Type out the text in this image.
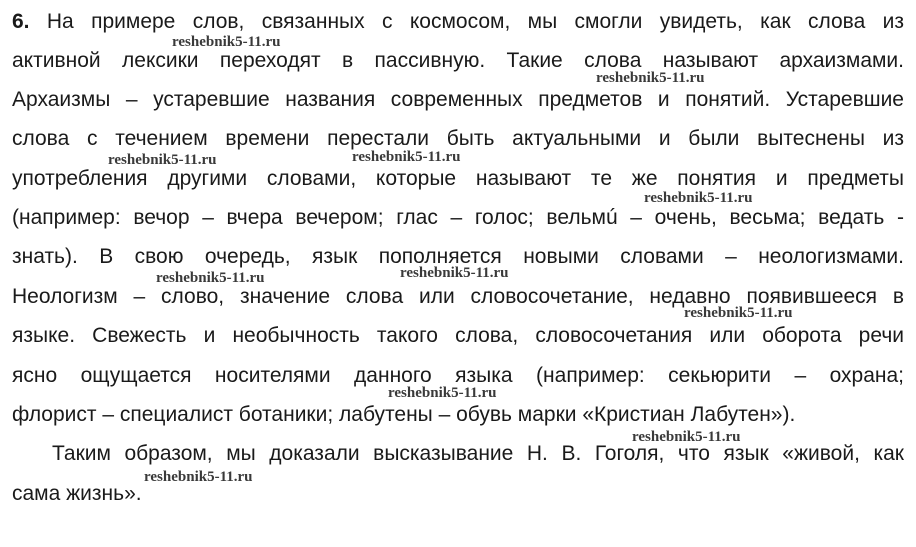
6. На примере слов, связанных с космосом, мы смогли увидеть, как слова из
активной лексики переходят в пассивную. Такие слова называют архаизмами.
Архаизмы – устаревшие названия современных предметов и понятий. Устаревшие
слова с течением времени перестали быть актуальными и были вытеснены из
употребления другими словами, которые называют те же понятия и предметы
(например: вечор – вчера вечером; глас – голос; вельмú – очень, весьма; ведать -
знать). В свою очередь, язык пополняется новыми словами – неологизмами.
Неологизм – слово, значение слова или словосочетание, недавно появившееся в
языке. Свежесть и необычность такого слова, словосочетания или оборота речи
ясно ощущается носителями данного языка (например: секьюрити – охрана;
флорист – специалист ботаники; лабутены – обувь марки «Кристиан Лабутен»).
Таким образом, мы доказали высказывание Н. В. Гоголя, что язык «живой, как
сама жизнь».
reshebnik5-11.ru
reshebnik5-11.ru
reshebnik5-11.ru	reshebnik5-11.ru
reshebnik5-11.ru
reshebnik5-11.ru	reshebnik5-11.ru
reshebnik5-11.ru
reshebnik5-11.ru
reshebnik5-11.ru
reshebnik5-11.ru
